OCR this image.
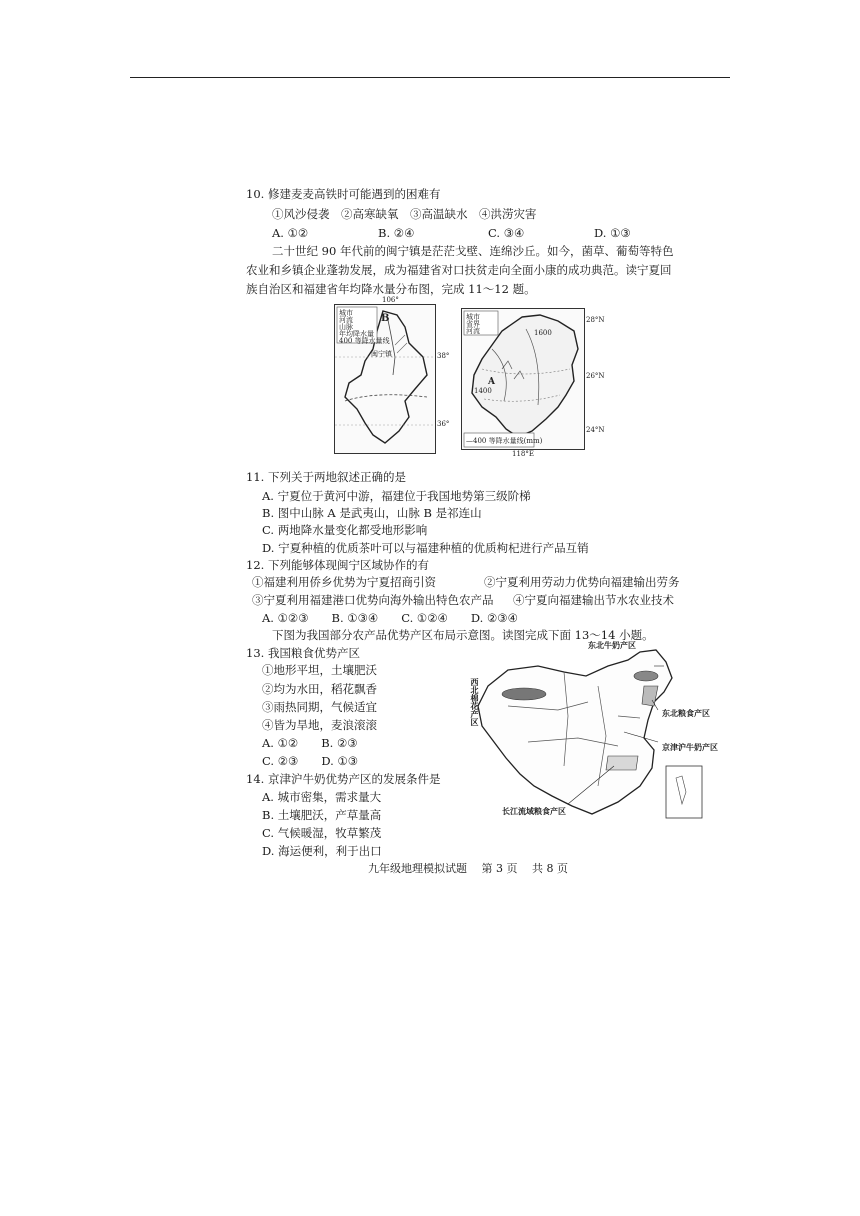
10. 修建麦麦高铁时可能遇到的困难有
①风沙侵袭　②高寒缺氧　③高温缺水　④洪涝灾害
A. ①②	B. ②④	C. ③④	D. ①③
二十世纪 90 年代前的闽宁镇是茫茫戈壁、连绵沙丘。如今，菌草、葡萄等特色
农业和乡镇企业蓬勃发展，成为福建省对口扶贫走向全面小康的成功典范。读宁夏回
族自治区和福建省年均降水量分布图，完成 11～12 题。
城市
河流
山脉
年均降水量
400 等降水量线
B
闽宁镇
106°
38°
36°
城市
省界
河流
A
1600
1400
—400 等降水量线(mm)
28°N
26°N
24°N
118°E
11. 下列关于两地叙述正确的是
A. 宁夏位于黄河中游，福建位于我国地势第三级阶梯
B. 图中山脉 A 是武夷山，山脉 B 是祁连山
C. 两地降水量变化都受地形影响
D. 宁夏种植的优质茶叶可以与福建种植的优质枸杞进行产品互销
12. 下列能够体现闽宁区域协作的有
①福建利用侨乡优势为宁夏招商引资	②宁夏利用劳动力优势向福建输出劳务
③宁夏利用福建港口优势向海外输出特色农产品 ④宁夏向福建输出节水农业技术
A. ①②③　　B. ①③④　　C. ①②④　　D. ②③④
下图为我国部分农产品优势产区布局示意图。读图完成下面 13～14 小题。
13. 我国粮食优势产区
①地形平坦，土壤肥沃
②均为水田，稻花飘香
③雨热同期，气候适宜
④皆为旱地，麦浪滚滚
A. ①②　　B. ②③
C. ②③　　D. ①③
东北牛奶产区
西北棉花产区	东北粮食产区
京津沪牛奶产区
长江流域粮食产区
14. 京津沪牛奶优势产区的发展条件是
A. 城市密集，需求量大
B. 土壤肥沃，产草量高
C. 气候暖湿，牧草繁茂
D. 海运便利，利于出口
九年级地理模拟试题　 第 3 页　 共 8 页
